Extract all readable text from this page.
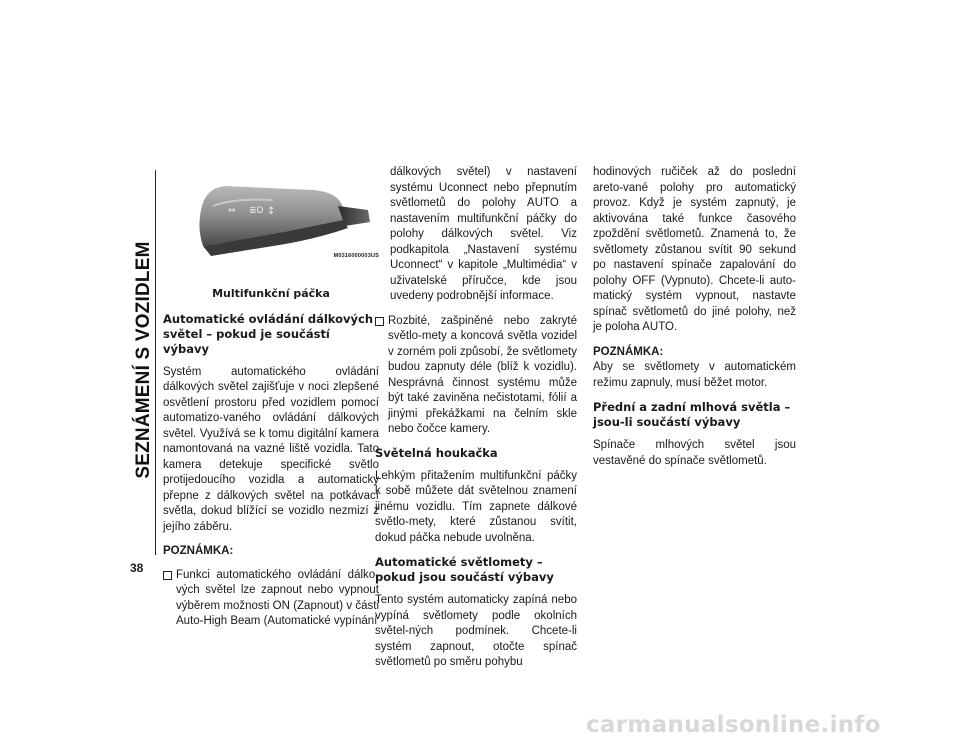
SEZNÁMENÍ S VOZIDLEM
38
⇔ ≣D ↕
M0316000003US
Multifunkční páčka
Automatické ovládání dálkových světel – pokud je součástí výbavy

Systém automatického ovládání dálkových světel zajišťuje v noci zlepšené osvětlení prostoru před vozidlem pomocí automatizo-vaného ovládání dálkových světel. Využívá se k tomu digitální kamera namontovaná na vazné liště vozidla. Tato kamera detekuje specifické světlo protijedoucího vozidla a automaticky přepne z dálkových světel na potkávací světla, dokud blížící se vozidlo nezmizí z jejího záběru.

POZNÁMKA:
Funkci automatického ovládání dálko-vých světel lze zapnout nebo vypnout výběrem možnosti ON (Zapnout) v části Auto-High Beam (Automatické vypínání

dálkových světel) v nastavení systému Uconnect nebo přepnutím světlometů do polohy AUTO a nastavením multifunkční páčky do polohy dálkových světel. Viz podkapitola „Nastavení systému Uconnect“ v kapitole „Multimédia“ v uživatelské příručce, kde jsou uvedeny podrobnější informace.

Rozbité, zašpiněné nebo zakryté světlo-mety a koncová světla vozidel v zorném poli způsobí, že světlomety budou zapnuty déle (blíž k vozidlu). Nesprávná činnost systému může být také zaviněna nečistotami, fólií a jinými překážkami na čelním skle nebo čočce kamery.
Světelná houkačka

Lehkým přitažením multifunkční páčky k sobě můžete dát světelnou znamení jinému vozidlu. Tím zapnete dálkové světlo-mety, které zůstanou svítit, dokud páčka nebude uvolněna.

Automatické světlomety – pokud jsou součástí výbavy

Tento systém automaticky zapíná nebo vypíná světlomety podle okolních světel-ných podmínek. Chcete-li systém zapnout, otočte spínač světlometů po směru pohybu

hodinových ručiček až do poslední areto-vané polohy pro automatický provoz. Když je systém zapnutý, je aktivována také funkce časového zpoždění světlometů. Znamená to, že světlomety zůstanou svítit 90 sekund po nastavení spínače zapalování do polohy OFF (Vypnuto). Chcete-li auto-matický systém vypnout, nastavte spínač světlometů do jiné polohy, než je poloha AUTO.

POZNÁMKA:

Aby se světlomety v automatickém režimu zapnuly, musí běžet motor.

Přední a zadní mlhová světla – jsou-li součástí výbavy

Spínače mlhových světel jsou vestavěné do spínače světlometů.

carmanualsonline.info
